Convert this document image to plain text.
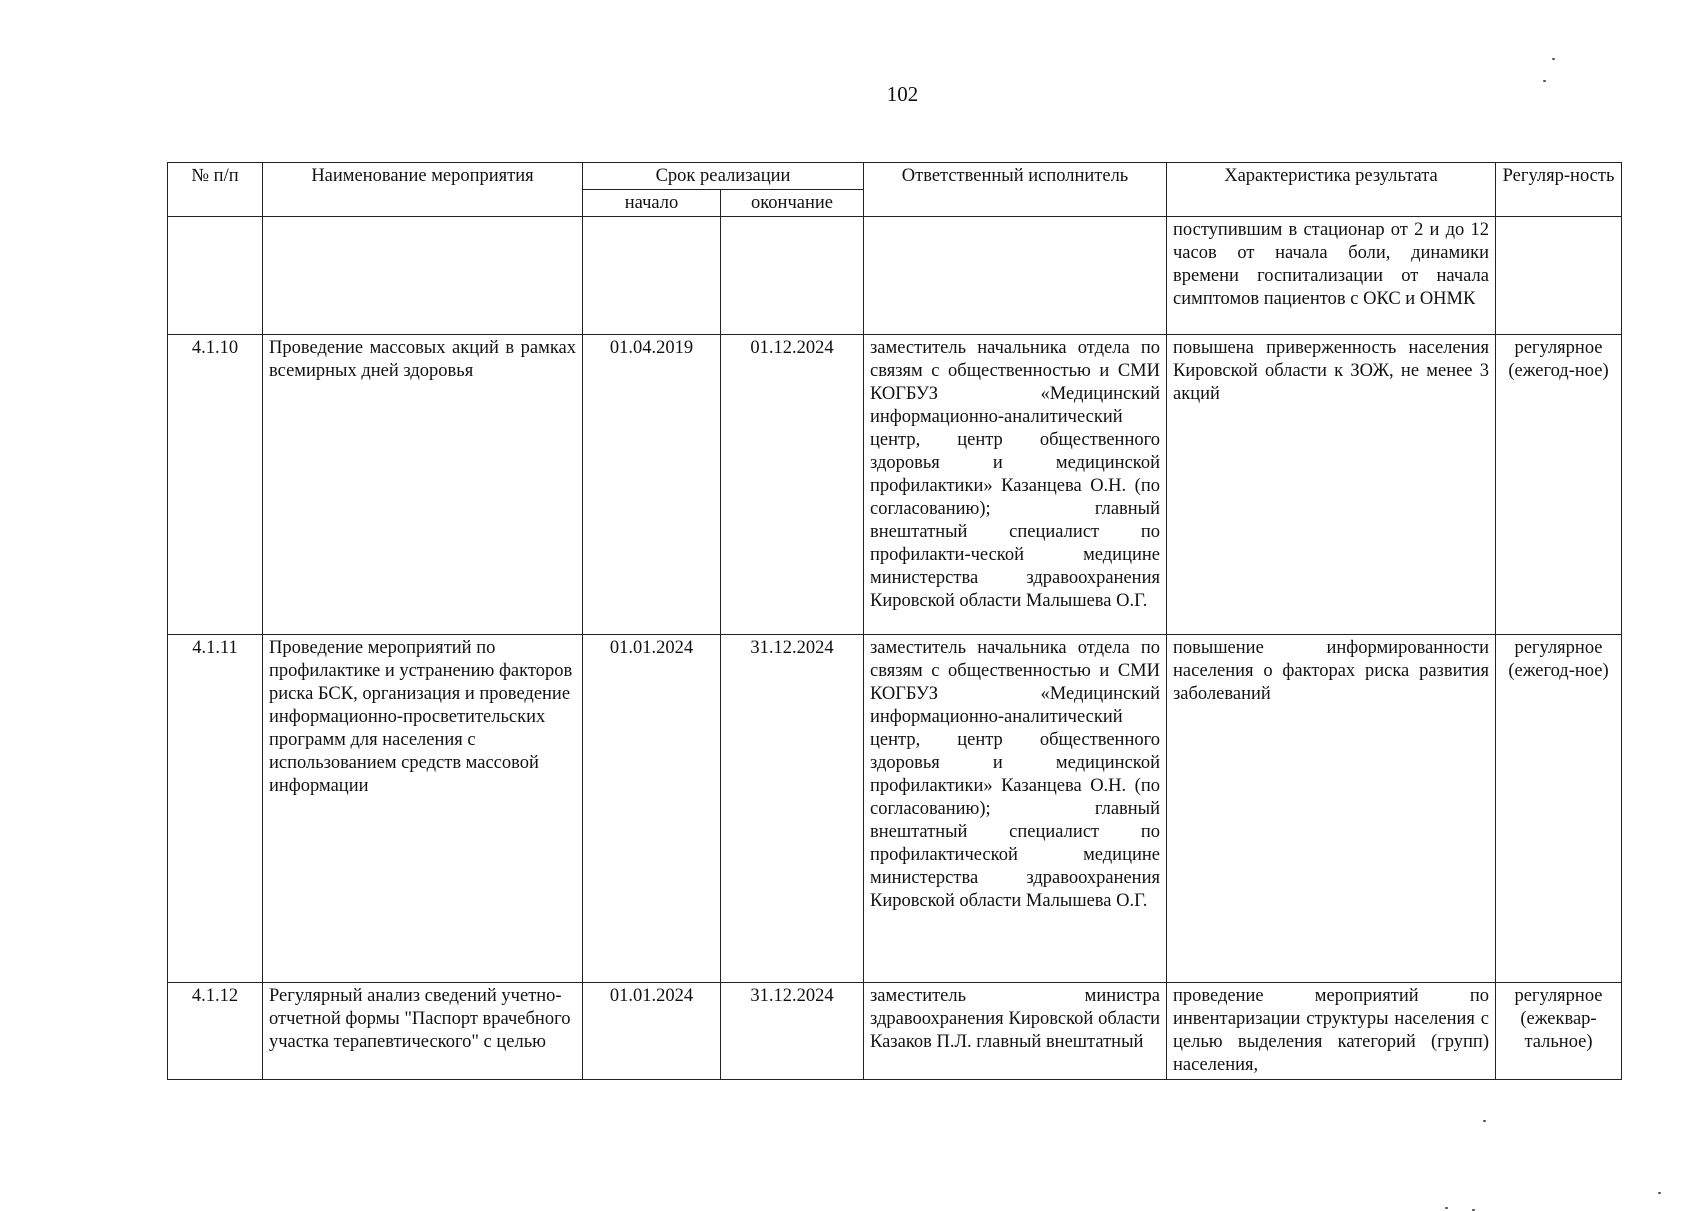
102
№ п/п	Наименование мероприятия	Срок реализации		Ответственный исполнитель	Характеристика результата	Регуляр-ность
		начало	окончание			
					поступившим в стационар от 2 и до 12 часов от начала боли, динамики времени госпитализации от начала симптомов пациентов с ОКС и ОНМК	
4.1.10	Проведение массовых акций в рамках всемирных дней здоровья	01.04.2019	01.12.2024	заместитель начальника отдела по связям с общественностью и СМИ КОГБУЗ «Медицинский информационно-аналитический центр, центр общественного здоровья и медицинской профилактики» Казанцева О.Н. (по согласованию); главный внештатный специалист по профилакти-ческой медицине министерства здравоохранения Кировской области Малышева О.Г.	повышена приверженность населения Кировской области к ЗОЖ, не менее 3 акций	регулярное (ежегод-ное)
4.1.11	Проведение мероприятий по профилактике и устранению факторов риска БСК, организация и проведение информационно-просветительских программ для населения с использованием средств массовой информации	01.01.2024	31.12.2024	заместитель начальника отдела по связям с общественностью и СМИ КОГБУЗ «Медицинский информационно-аналитический центр, центр общественного здоровья и медицинской профилактики» Казанцева О.Н. (по согласованию); главный внештатный специалист по профилактической медицине министерства здравоохранения Кировской области Малышева О.Г.	повышение информированности населения о факторах риска развития заболеваний	регулярное (ежегод-ное)
4.1.12	Регулярный анализ сведений учетно-отчетной формы "Паспорт врачебного участка терапевтического" с целью	01.01.2024	31.12.2024	заместитель министра здравоохранения Кировской области Казаков П.Л. главный внештатный	проведение мероприятий по инвентаризации структуры населения с целью выделения категорий (групп) населения,	регулярное (ежеквар-тальное)
